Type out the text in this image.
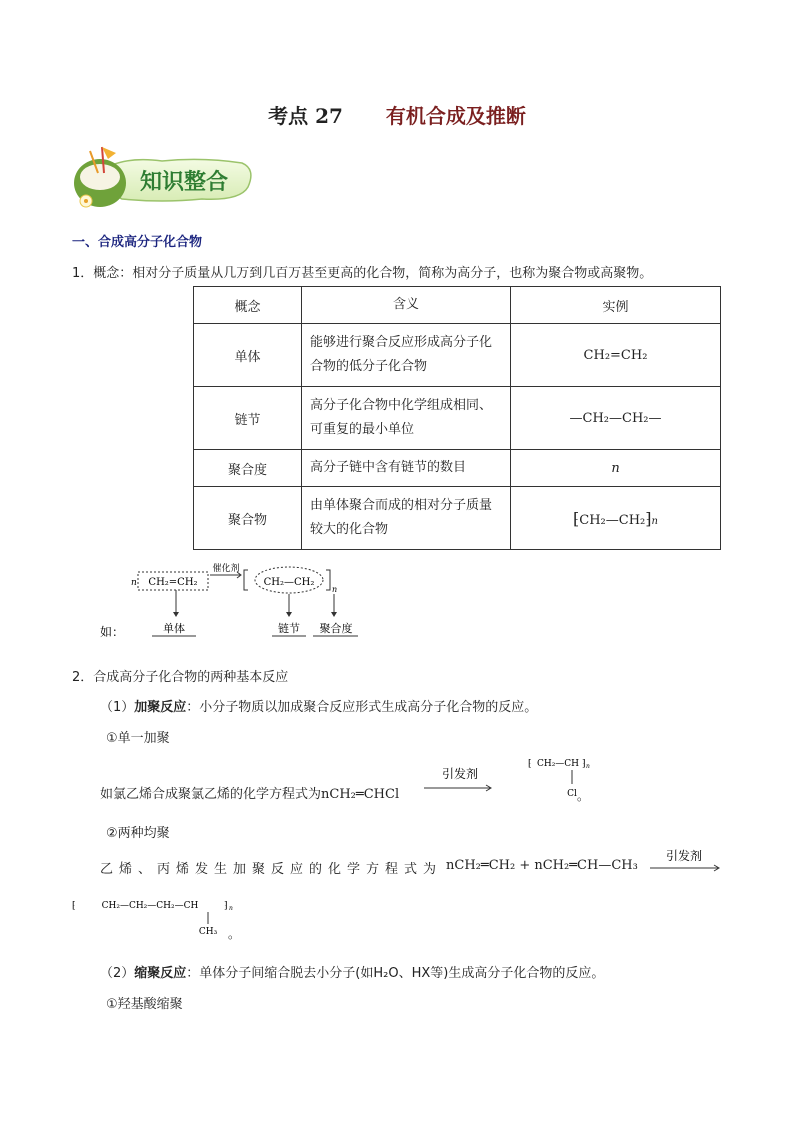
考点 27 有机合成及推断
知识整合
一、合成高分子化合物
1．概念：相对分子质量从几万到几百万甚至更高的化合物，简称为高分子，也称为聚合物或高聚物。
概念	含义	实例
单体	能够进行聚合反应形成高分子化合物的低分子化合物	CH₂=CH₂
链节	高分子化合物中化学组成相同、可重复的最小单位	—CH₂—CH₂—
聚合度	高分子链中含有链节的数目	n
聚合物	由单体聚合而成的相对分子质量较大的化合物	⁅CH₂—CH₂⁆n
n CH₂=CH₂
催化剂
CH₂—CH₂
n
如：	单体	链节 聚合度
2．合成高分子化合物的两种基本反应
（1）加聚反应：小分子物质以加成聚合反应形式生成高分子化合物的反应。
①单一加聚
如氯乙烯合成聚氯乙烯的化学方程式为nCH₂═CHCl
引发剂
⁅ CH₂—CH ⁆ n
Cl 。
②两种均聚
乙烯、丙烯发生加聚反应的化学方程式为 nCH₂═CH₂ + nCH₂═CH—CH₃
引发剂
⁅	CH₂—CH₂—CH₂—CH	⁆ n
CH₃ 。
（2）缩聚反应：单体分子间缩合脱去小分子(如H₂O、HX等)生成高分子化合物的反应。
①羟基酸缩聚
